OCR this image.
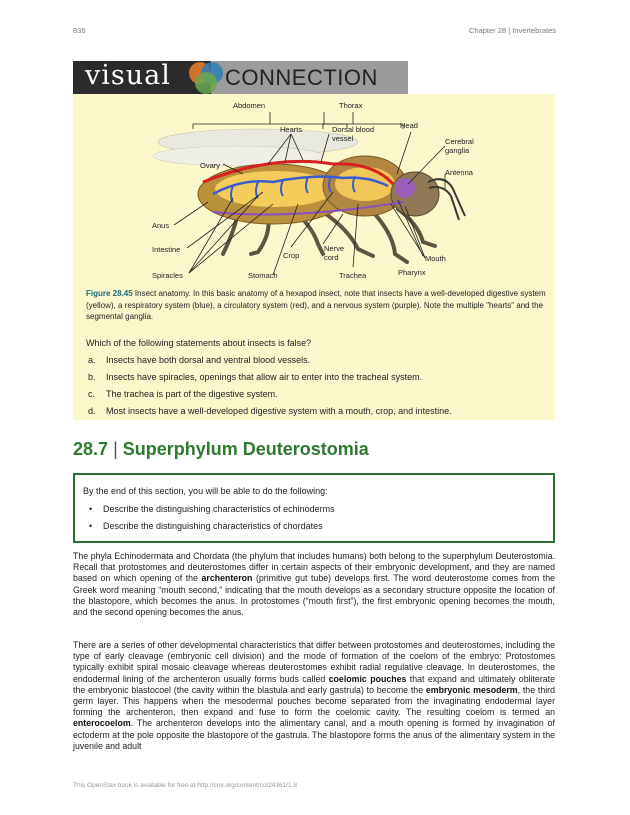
836	Chapter 28 | Invertebrates
visual CONNECTION
Abdomen	Thorax
Hearts	Dorsal blood
vessel
Head
Cerebral
ganglia
Ovary
Antenna
Anus
Intestine
Spiracles	Stomach
Crop
Nerve
cord
Trachea	Pharynx
Mouth
Figure 28.45 Insect anatomy. In this basic anatomy of a hexapod insect, note that insects have a well-developed digestive system (yellow), a respiratory system (blue), a circulatory system (red), and a nervous system (purple). Note the multiple "hearts" and the segmental ganglia.
Which of the following statements about insects is false?
a. Insects have both dorsal and ventral blood vessels.
b. Insects have spiracles, openings that allow air to enter into the tracheal system.
c. The trachea is part of the digestive system.
d. Most insects have a well-developed digestive system with a mouth, crop, and intestine.
28.7 | Superphylum Deuterostomia
By the end of this section, you will be able to do the following:
• Describe the distinguishing characteristics of echinoderms
• Describe the distinguishing characteristics of chordates
The phyla Echinodermata and Chordata (the phylum that includes humans) both belong to the superphylum Deuterostomia. Recall that protostomes and deuterostomes differ in certain aspects of their embryonic development, and they are named based on which opening of the archenteron (primitive gut tube) develops first. The word deuterostome comes from the Greek word meaning “mouth second,” indicating that the mouth develops as a secondary structure opposite the location of the blastopore, which becomes the anus. In protostomes (“mouth first”), the first embryonic opening becomes the mouth, and the second opening becomes the anus.
There are a series of other developmental characteristics that differ between protostomes and deuterostomes, including the type of early cleavage (embryonic cell division) and the mode of formation of the coelom of the embryo: Protostomes typically exhibit spiral mosaic cleavage whereas deuterostomes exhibit radial regulative cleavage. In deuterostomes, the endodermal lining of the archenteron usually forms buds called coelomic pouches that expand and ultimately obliterate the embryonic blastocoel (the cavity within the blastula and early gastrula) to become the embryonic mesoderm, the third germ layer. This happens when the mesodermal pouches become separated from the invaginating endodermal layer forming the archenteron, then expand and fuse to form the coelomic cavity. The resulting coelom is termed an enterocoelom. The archenteron develops into the alimentary canal, and a mouth opening is formed by invagination of ectoderm at the pole opposite the blastopore of the gastrula. The blastopore forms the anus of the alimentary system in the juvenile and adult
This OpenStax book is available for free at http://cnx.org/content/col24361/1.8
